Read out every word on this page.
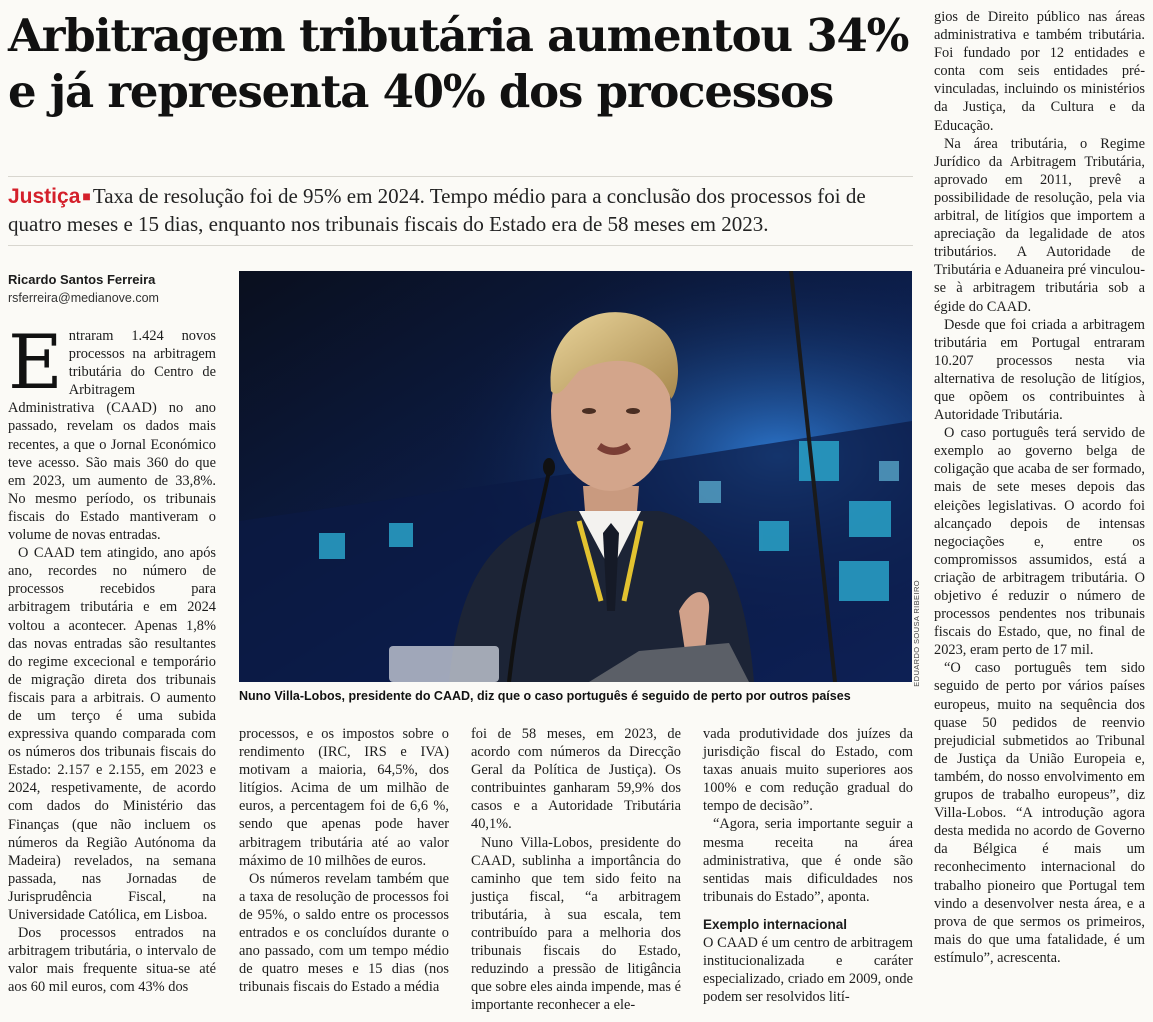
Arbitragem tributária aumentou 34% e já representa 40% dos processos
Justiça ■Taxa de resolução foi de 95% em 2024. Tempo médio para a conclusão dos processos foi de quatro meses e 15 dias, enquanto nos tribunais fiscais do Estado era de 58 meses em 2023.
Ricardo Santos Ferreira
rsferreira@medianove.com

Entraram 1.424 novos processos na arbitragem tributária do Centro de Arbitragem Administrativa (CAAD) no ano passado, revelam os dados mais recentes, a que o Jornal Económico teve acesso. São mais 360 do que em 2023, um aumento de 33,8%. No mesmo período, os tribunais fiscais do Estado mantiveram o volume de novas entradas.

O CAAD tem atingido, ano após ano, recordes no número de processos recebidos para arbitragem tributária e em 2024 voltou a acontecer. Apenas 1,8% das novas entradas são resultantes do regime excecional e temporário de migração direta dos tribunais fiscais para a arbitrais. O aumento de um terço é uma subida expressiva quando comparada com os números dos tribunais fiscais do Estado: 2.157 e 2.155, em 2023 e 2024, respetivamente, de acordo com dados do Ministério das Finanças (que não incluem os números da Região Autónoma da Madeira) revelados, na semana passada, nas Jornadas de Jurisprudência Fiscal, na Universidade Católica, em Lisboa.

Dos processos entrados na arbitragem tributária, o intervalo de valor mais frequente situa-se até aos 60 mil euros, com 43% dos

EDUARDO SOUSA RIBEIRO
Nuno Villa-Lobos, presidente do CAAD, diz que o caso português é seguido de perto por outros países

processos, e os impostos sobre o rendimento (IRC, IRS e IVA) motivam a maioria, 64,5%, dos litígios. Acima de um milhão de euros, a percentagem foi de 6,6 %, sendo que apenas pode haver arbitragem tributária até ao valor máximo de 10 milhões de euros.

Os números revelam também que a taxa de resolução de processos foi de 95%, o saldo entre os processos entrados e os concluídos durante o ano passado, com um tempo médio de quatro meses e 15 dias (nos tribunais fiscais do Estado a média

foi de 58 meses, em 2023, de acordo com números da Direcção Geral da Política de Justiça). Os contribuintes ganharam 59,9% dos casos e a Autoridade Tributária 40,1%.

Nuno Villa-Lobos, presidente do CAAD, sublinha a importância do caminho que tem sido feito na justiça fiscal, “a arbitragem tributária, à sua escala, tem contribuído para a melhoria dos tribunais fiscais do Estado, reduzindo a pressão de litigância que sobre eles ainda impende, mas é importante reconhecer a ele-

vada produtividade dos juízes da jurisdição fiscal do Estado, com taxas anuais muito superiores aos 100% e com redução gradual do tempo de decisão”.

“Agora, seria importante seguir a mesma receita na área administrativa, que é onde são sentidas mais dificuldades nos tribunais do Estado”, aponta.

Exemplo internacional

O CAAD é um centro de arbitragem institucionalizada e caráter especializado, criado em 2009, onde podem ser resolvidos lití-

gios de Direito público nas áreas administrativa e também tributária. Foi fundado por 12 entidades e conta com seis entidades pré-vinculadas, incluindo os ministérios da Justiça, da Cultura e da Educação.

Na área tributária, o Regime Jurídico da Arbitragem Tributária, aprovado em 2011, prevê a possibilidade de resolução, pela via arbitral, de litígios que importem a apreciação da legalidade de atos tributários. A Autoridade de Tributária e Aduaneira pré vinculou-se à arbitragem tributária sob a égide do CAAD.

Desde que foi criada a arbitragem tributária em Portugal entraram 10.207 processos nesta via alternativa de resolução de litígios, que opõem os contribuintes à Autoridade Tributária.

O caso português terá servido de exemplo ao governo belga de coligação que acaba de ser formado, mais de sete meses depois das eleições legislativas. O acordo foi alcançado depois de intensas negociações e, entre os compromissos assumidos, está a criação de arbitragem tributária. O objetivo é reduzir o número de processos pendentes nos tribunais fiscais do Estado, que, no final de 2023, eram perto de 17 mil.

“O caso português tem sido seguido de perto por vários países europeus, muito na sequência dos quase 50 pedidos de reenvio prejudicial submetidos ao Tribunal de Justiça da União Europeia e, também, do nosso envolvimento em grupos de trabalho europeus”, diz Villa-Lobos. “A introdução agora desta medida no acordo de Governo da Bélgica é mais um reconhecimento internacional do trabalho pioneiro que Portugal tem vindo a desenvolver nesta área, e a prova de que sermos os primeiros, mais do que uma fatalidade, é um estímulo”, acrescenta.
